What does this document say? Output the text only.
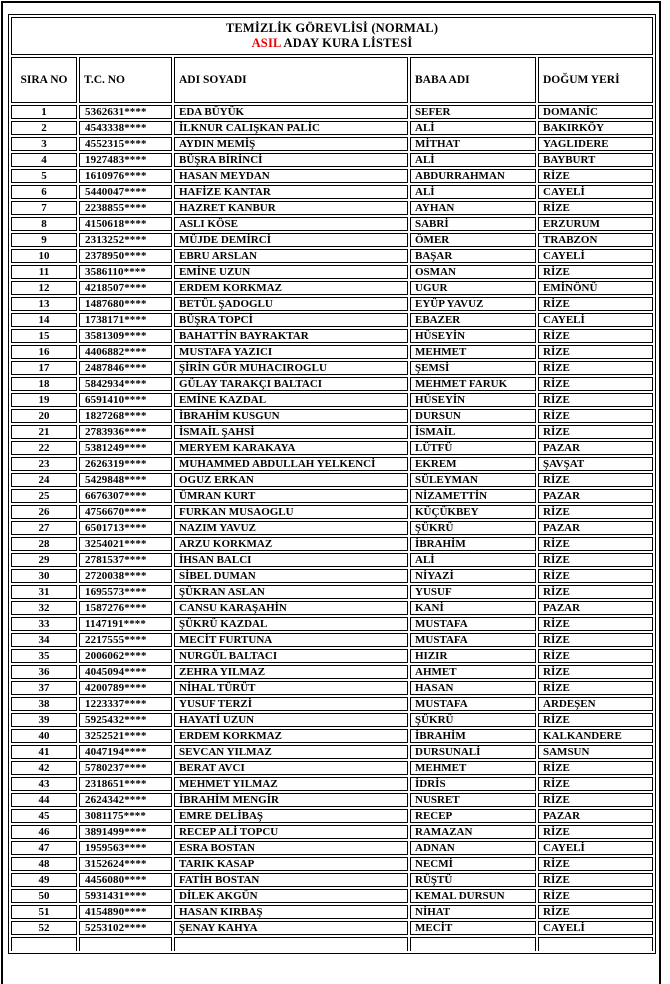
TEMİZLİK GÖREVLİSİ (NORMAL)
ASIL ADAY KURA LİSTESİ				

SIRA NO	T.C. NO	ADI SOYADI	BABA ADI	DOĞUM YERİ
1	5362631****	EDA BÜYÜK	SEFER	DOMANİC
2	4543338****	İLKNUR CALIŞKAN PALİC	ALİ	BAKIRKÖY
3	4552315****	AYDIN MEMİŞ	MİTHAT	YAGLIDERE
4	1927483****	BÜŞRA BİRİNCİ	ALİ	BAYBURT
5	1610976****	HASAN MEYDAN	ABDURRAHMAN	RİZE
6	5440047****	HAFİZE KANTAR	ALİ	CAYELİ
7	2238855****	HAZRET KANBUR	AYHAN	RİZE
8	4150618****	ASLI KÖSE	SABRİ	ERZURUM
9	2313252****	MÜJDE DEMİRCİ	ÖMER	TRABZON
10	2378950****	EBRU ARSLAN	BAŞAR	CAYELİ
11	3586110****	EMİNE UZUN	OSMAN	RİZE
12	4218507****	ERDEM KORKMAZ	UGUR	EMİNÖNÜ
13	1487680****	BETÜL ŞADOGLU	EYÜP YAVUZ	RİZE
14	1738171****	BÜŞRA TOPCİ	EBAZER	CAYELİ
15	3581309****	BAHATTİN BAYRAKTAR	HÜSEYİN	RİZE
16	4406882****	MUSTAFA YAZICI	MEHMET	RİZE
17	2487846****	ŞİRİN GÜR MUHACIROGLU	ŞEMSİ	RİZE
18	5842934****	GÜLAY TARAKÇI BALTACI	MEHMET FARUK	RİZE
19	6591410****	EMİNE KAZDAL	HÜSEYİN	RİZE
20	1827268****	İBRAHİM KUSGUN	DURSUN	RİZE
21	2783936****	İSMAİL ŞAHSİ	İSMAİL	RİZE
22	5381249****	MERYEM KARAKAYA	LÜTFÜ	PAZAR
23	2626319****	MUHAMMED ABDULLAH YELKENCİ	EKREM	ŞAVŞAT
24	5429848****	OGUZ ERKAN	SÜLEYMAN	RİZE
25	6676307****	ÜMRAN KURT	NİZAMETTİN	PAZAR
26	4756670****	FURKAN MUSAOGLU	KÜÇÜKBEY	RİZE
27	6501713****	NAZIM YAVUZ	ŞÜKRÜ	PAZAR
28	3254021****	ARZU KORKMAZ	İBRAHİM	RİZE
29	2781537****	İHSAN BALCI	ALİ	RİZE
30	2720038****	SİBEL DUMAN	NİYAZİ	RİZE
31	1695573****	ŞÜKRAN ASLAN	YUSUF	RİZE
32	1587276****	CANSU KARAŞAHİN	KANİ	PAZAR
33	1147191****	ŞÜKRÜ KAZDAL	MUSTAFA	RİZE
34	2217555****	MECİT FURTUNA	MUSTAFA	RİZE
35	2006062****	NURGÜL BALTACI	HIZIR	RİZE
36	4045094****	ZEHRA YILMAZ	AHMET	RİZE
37	4200789****	NİHAL TÜRÜT	HASAN	RİZE
38	1223337****	YUSUF TERZİ	MUSTAFA	ARDEŞEN
39	5925432****	HAYATİ UZUN	ŞÜKRÜ	RİZE
40	3252521****	ERDEM KORKMAZ	İBRAHİM	KALKANDERE
41	4047194****	SEVCAN YILMAZ	DURSUNALİ	SAMSUN
42	5780237****	BERAT AVCI	MEHMET	RİZE
43	2318651****	MEHMET YILMAZ	İDRİS	RİZE
44	2624342****	İBRAHİM MENGİR	NUSRET	RİZE
45	3081175****	EMRE DELİBAŞ	RECEP	PAZAR
46	3891499****	RECEP ALİ TOPCU	RAMAZAN	RİZE
47	1959563****	ESRA BOSTAN	ADNAN	CAYELİ
48	3152624****	TARIK KASAP	NECMİ	RİZE
49	4456080****	FATİH BOSTAN	RÜŞTÜ	RİZE
50	5931431****	DİLEK AKGÜN	KEMAL DURSUN	RİZE
51	4154890****	HASAN KIRBAŞ	NİHAT	RİZE
52	5253102****	ŞENAY KAHYA	MECİT	CAYELİ
